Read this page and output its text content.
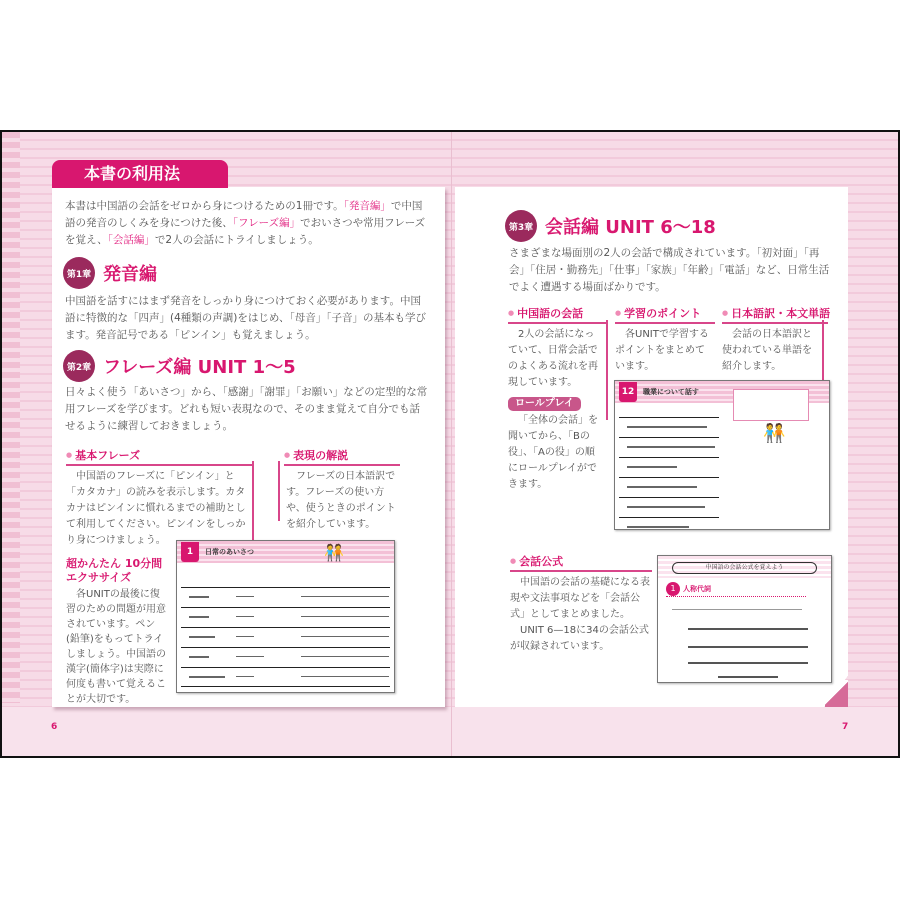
本書の利用法
本書は中国語の会話をゼロから身につけるための1冊です。「発音編」で中国語の発音のしくみを身につけた後、「フレーズ編」でおいさつや常用フレーズを覚え、「会話編」で2人の会話にトライしましょう。
第1章 発音編
中国語を話すにはまず発音をしっかり身につけておく必要があります。中国語に特徴的な「四声」(4種類の声調)をはじめ、「母音」「子音」の基本も学びます。発音記号である「ピンイン」も覚えましょう。
第2章 フレーズ編 UNIT 1～5
日々よく使う「あいさつ」から、「感謝」「謝罪」「お願い」などの定型的な常用フレーズを学びます。どれも短い表現なので、そのまま覚えて自分でも話せるように練習しておきましょう。
● 基本フレーズ
中国語のフレーズに「ピンイン」と「カタカナ」の読みを表示します。カタカナはピンインに慣れるまでの補助として利用してください。ピンインをしっかり身につけましょう。
超かんたん 10分間 エクササイズ
各UNITの最後に復習のための問題が用意されています。ペン(鉛筆)をもってトライしましょう。中国語の漢字(簡体字)は実際に何度も書いて覚えることが大切です。
● 表現の解説
フレーズの日本語訳です。フレーズの使い方や、使うときのポイントを紹介しています。
1	日常のあいさつ	🧑‍🤝‍🧑
6
第3章 会話編 UNIT 6～18
さまざまな場面別の2人の会話で構成されています。「初対面」「再会」「住居・勤務先」「仕事」「家族」「年齢」「電話」など、日常生活でよく遭遇する場面ばかりです。
● 中国語の会話
2人の会話になっていて、日常会話でのよくある流れを再現しています。
ロールプレイ
「全体の会話」を聞いてから、「Bの役」、「Aの役」の順にロールプレイができます。
● 学習のポイント
各UNITで学習するポイントをまとめています。
● 日本語訳・本文単語
会話の日本語訳と使われている単語を紹介します。
12	職業について話す
🧑‍🤝‍🧑
● 会話公式
中国語の会話の基礎になる表現や文法事項などを「会話公式」としてまとめました。
UNIT 6—18に34の会話公式が収録されています。
中国語の会話公式を覚えよう
1	人称代詞
7
